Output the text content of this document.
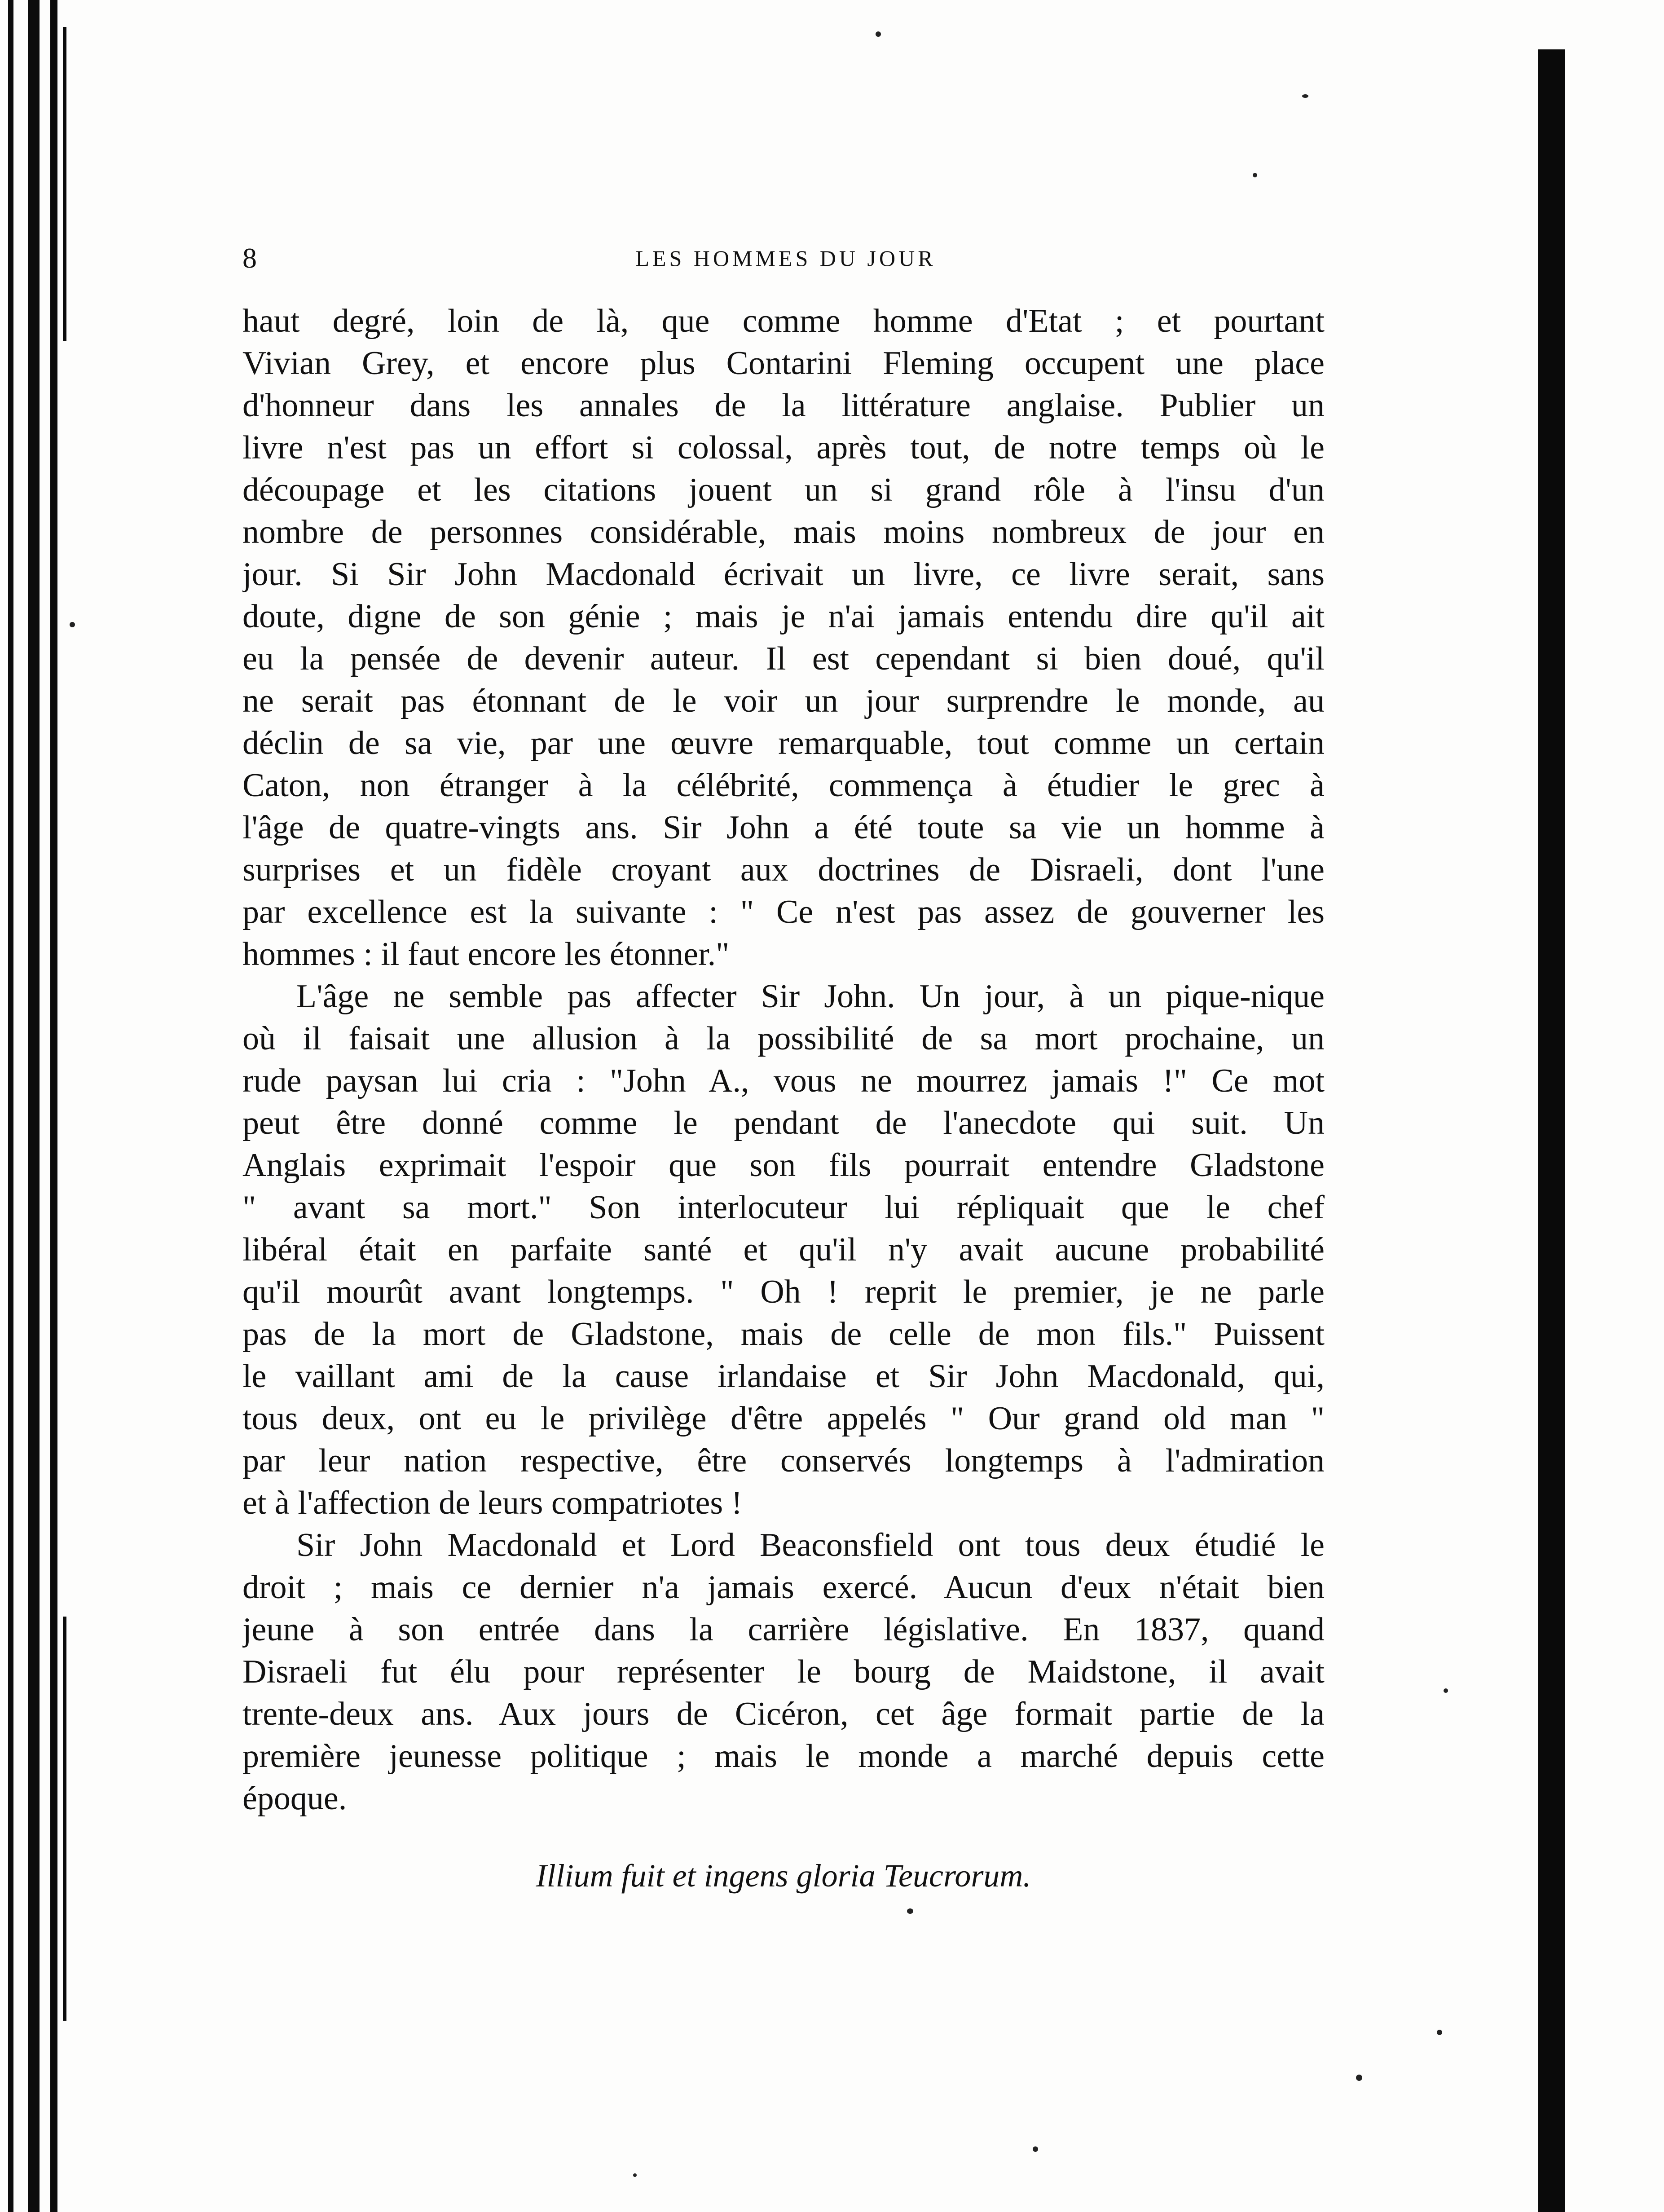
8	LES HOMMES DU JOUR
haut degré, loin de là, que comme homme d'Etat ; et pourtant
Vivian Grey, et encore plus Contarini Fleming occupent une place
d'honneur dans les annales de la littérature anglaise. Publier un
livre n'est pas un effort si colossal, après tout, de notre temps où le
découpage et les citations jouent un si grand rôle à l'insu d'un
nombre de personnes considérable, mais moins nombreux de jour en
jour. Si Sir John Macdonald écrivait un livre, ce livre serait, sans
doute, digne de son génie ; mais je n'ai jamais entendu dire qu'il ait
eu la pensée de devenir auteur. Il est cependant si bien doué, qu'il
ne serait pas étonnant de le voir un jour surprendre le monde, au
déclin de sa vie, par une œuvre remarquable, tout comme un certain
Caton, non étranger à la célébrité, commença à étudier le grec à
l'âge de quatre-vingts ans. Sir John a été toute sa vie un homme à
surprises et un fidèle croyant aux doctrines de Disraeli, dont l'une
par excellence est la suivante : " Ce n'est pas assez de gouverner les
hommes : il faut encore les étonner."
L'âge ne semble pas affecter Sir John. Un jour, à un pique-nique
où il faisait une allusion à la possibilité de sa mort prochaine, un
rude paysan lui cria : "John A., vous ne mourrez jamais !" Ce mot
peut être donné comme le pendant de l'anecdote qui suit. Un
Anglais exprimait l'espoir que son fils pourrait entendre Gladstone
" avant sa mort." Son interlocuteur lui répliquait que le chef
libéral était en parfaite santé et qu'il n'y avait aucune probabilité
qu'il mourût avant longtemps. " Oh ! reprit le premier, je ne parle
pas de la mort de Gladstone, mais de celle de mon fils." Puissent
le vaillant ami de la cause irlandaise et Sir John Macdonald, qui,
tous deux, ont eu le privilège d'être appelés " Our grand old man "
par leur nation respective, être conservés longtemps à l'admiration
et à l'affection de leurs compatriotes !
Sir John Macdonald et Lord Beaconsfield ont tous deux étudié le
droit ; mais ce dernier n'a jamais exercé. Aucun d'eux n'était bien
jeune à son entrée dans la carrière législative. En 1837, quand
Disraeli fut élu pour représenter le bourg de Maidstone, il avait
trente-deux ans. Aux jours de Cicéron, cet âge formait partie de la
première jeunesse politique ; mais le monde a marché depuis cette
époque.
Illium fuit et ingens gloria Teucrorum.
